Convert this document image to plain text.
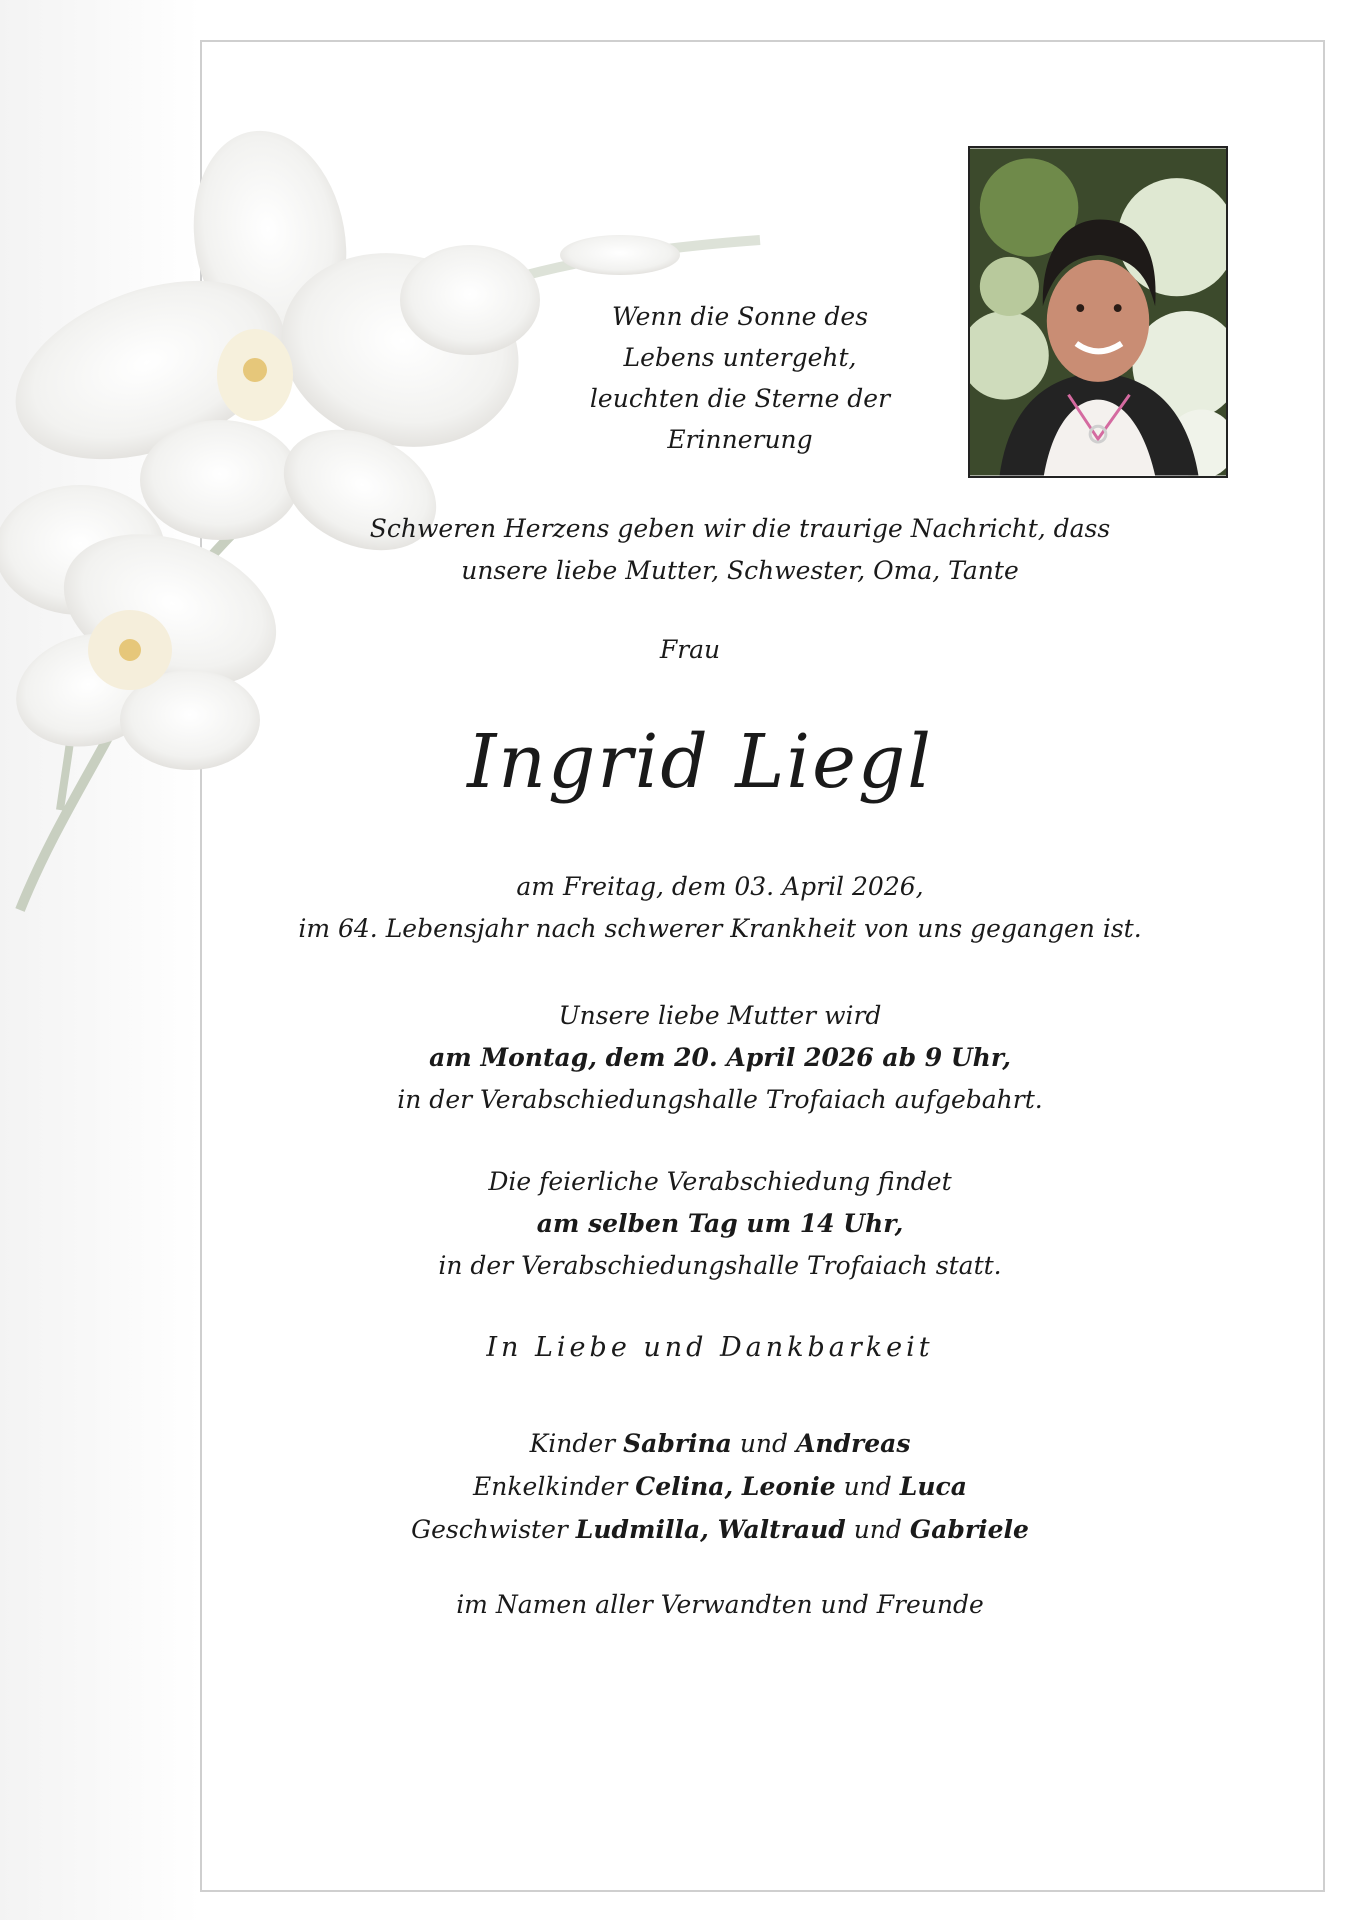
Wenn die Sonne des
Lebens untergeht,
leuchten die Sterne der
Erinnerung
Schweren Herzens geben wir die traurige Nachricht, dass
unsere liebe Mutter, Schwester, Oma, Tante
Frau
Ingrid Liegl
am Freitag, dem 03. April 2026,
im 64. Lebensjahr nach schwerer Krankheit von uns gegangen ist.
Unsere liebe Mutter wird
am Montag, dem 20. April 2026 ab 9 Uhr,
in der Verabschiedungshalle Trofaiach aufgebahrt.
Die feierliche Verabschiedung findet
am selben Tag um 14 Uhr,
in der Verabschiedungshalle Trofaiach statt.
In Liebe und Dankbarkeit
Kinder Sabrina und Andreas
Enkelkinder Celina, Leonie und Luca
Geschwister Ludmilla, Waltraud und Gabriele
im Namen aller Verwandten und Freunde
